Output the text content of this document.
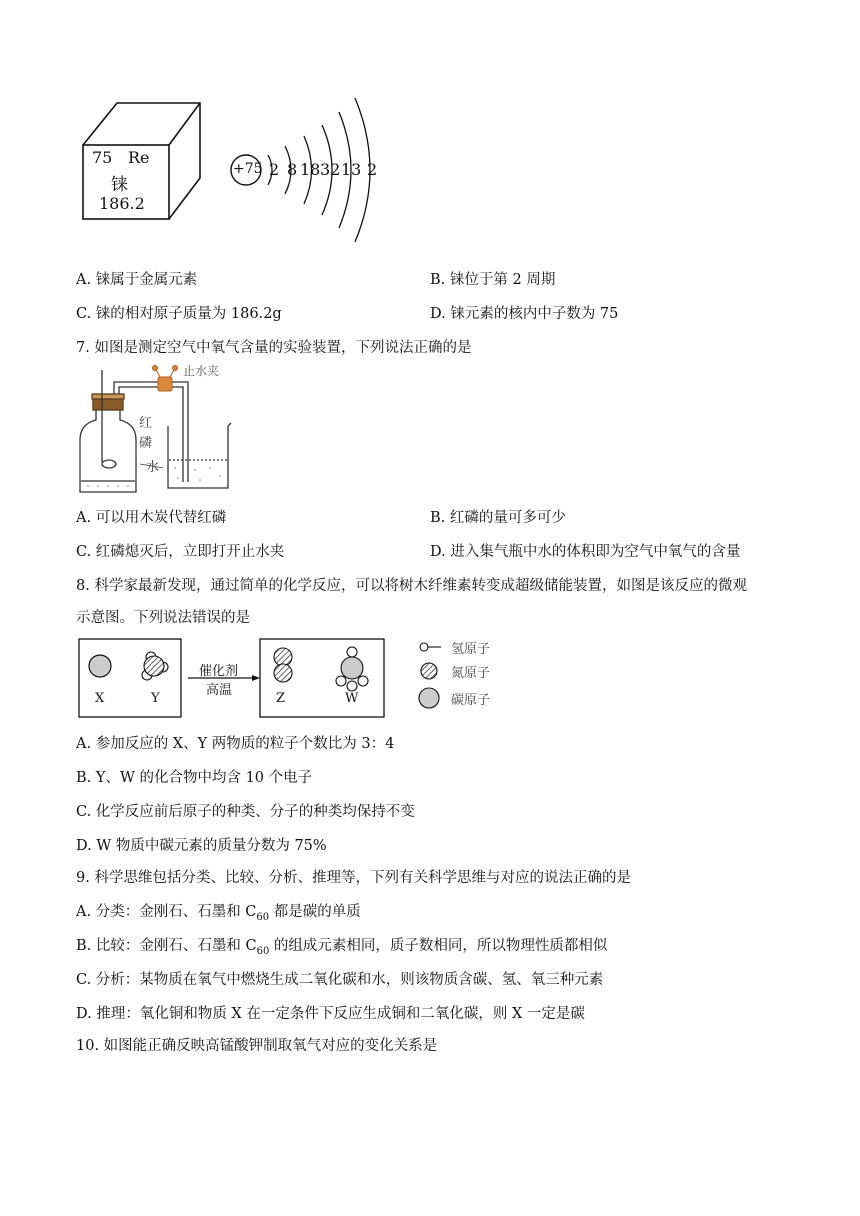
75 Re
铼
186.2
+75 2 8 18 32 13 2
A. 铼属于金属元素	B. 铼位于第 2 周期
C. 铼的相对原子质量为 186.2g	D. 铼元素的核内中子数为 75
7. 如图是测定空气中氧气含量的实验装置，下列说法正确的是
止水夹
红
磷
水
A. 可以用木炭代替红磷	B. 红磷的量可多可少
C. 红磷熄灭后，立即打开止水夹	D. 进入集气瓶中水的体积即为空气中氧气的含量
8. 科学家最新发现，通过简单的化学反应，可以将树木纤维素转变成超级储能装置，如图是该反应的微观
示意图。下列说法错误的是
X	Y	Z	W
催化剂
高温
氢原子
氮原子
碳原子
A. 参加反应的 X、Y 两物质的粒子个数比为 3：4
B. Y、W 的化合物中均含 10 个电子
C. 化学反应前后原子的种类、分子的种类均保持不变
D. W 物质中碳元素的质量分数为 75%
9. 科学思维包括分类、比较、分析、推理等，下列有关科学思维与对应的说法正确的是
A. 分类：金刚石、石墨和 $C_{60}$ 都是碳的单质
B. 比较：金刚石、石墨和 $C_{60}$ 的组成元素相同，质子数相同，所以物理性质都相似
C. 分析：某物质在氧气中燃烧生成二氧化碳和水，则该物质含碳、氢、氧三种元素
D. 推理：氧化铜和物质 X 在一定条件下反应生成铜和二氧化碳，则 X 一定是碳
10. 如图能正确反映高锰酸钾制取氧气对应的变化关系是
